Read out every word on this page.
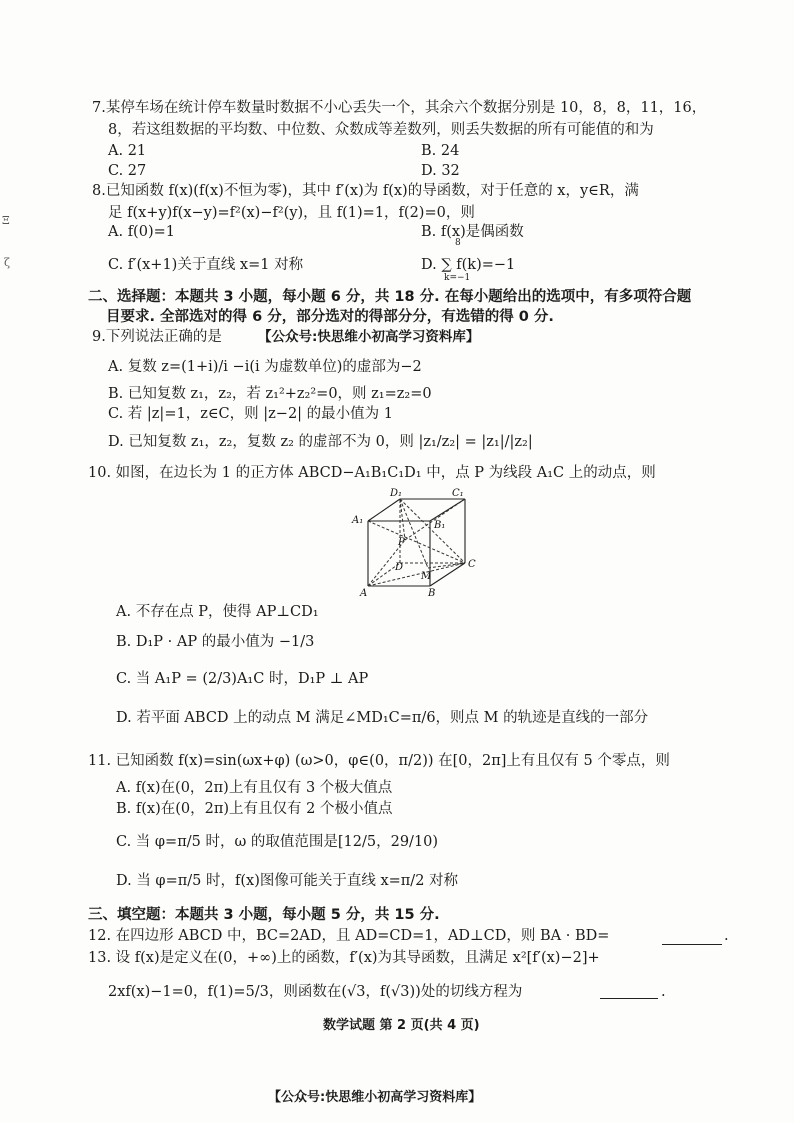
7.某停车场在统计停车数量时数据不小心丢失一个，其余六个数据分别是 10，8，8，11，16，
8，若这组数据的平均数、中位数、众数成等差数列，则丢失数据的所有可能值的和为
A. 21	B. 24
C. 27	D. 32
Ξ
ζ
8.已知函数 f(x)(f(x)不恒为零)，其中 f′(x)为 f(x)的导函数，对于任意的 x，y∈R，满
足 f(x+y)f(x−y)=f²(x)−f²(y)，且 f(1)=1，f(2)=0，则
A. f(0)=1	B. f(x)是偶函数
C. f′(x+1)关于直线 x=1 对称	D. ∑ f(k)=−1
8
k=−1
二、选择题：本题共 3 小题，每小题 6 分，共 18 分. 在每小题给出的选项中，有多项符合题
目要求. 全部选对的得 6 分，部分选对的得部分分，有选错的得 0 分.
9.下列说法正确的是	【公众号:快思维小初高学习资料库】
A. 复数 z=(1+i)/i −i(i 为虚数单位)的虚部为−2
B. 已知复数 z₁，z₂，若 z₁²+z₂²=0，则 z₁=z₂=0
C. 若 |z|=1，z∈C，则 |z−2| 的最小值为 1
D. 已知复数 z₁，z₂，复数 z₂ 的虚部不为 0，则 |z₁/z₂| = |z₁|/|z₂|
10. 如图，在边长为 1 的正方体 ABCD−A₁B₁C₁D₁ 中，点 P 为线段 A₁C 上的动点，则
D₁	C₁
A₁	B₁
P
D	C
M
A	B
A. 不存在点 P，使得 AP⊥CD₁
B. D₁P · AP 的最小值为 −1/3
C. 当 A₁P = (2/3)A₁C 时，D₁P ⊥ AP
D. 若平面 ABCD 上的动点 M 满足∠MD₁C=π/6，则点 M 的轨迹是直线的一部分
11. 已知函数 f(x)=sin(ωx+φ) (ω>0，φ∈(0，π/2)) 在[0，2π]上有且仅有 5 个零点，则
A. f(x)在(0，2π)上有且仅有 3 个极大值点
B. f(x)在(0，2π)上有且仅有 2 个极小值点
C. 当 φ=π/5 时，ω 的取值范围是[12/5，29/10)
D. 当 φ=π/5 时，f(x)图像可能关于直线 x=π/2 对称
三、填空题：本题共 3 小题，每小题 5 分，共 15 分.
12. 在四边形 ABCD 中，BC=2AD，且 AD=CD=1，AD⊥CD，则 BA · BD=	.
13. 设 f(x)是定义在(0，+∞)上的函数，f′(x)为其导函数，且满足 x²[f′(x)−2]+
2xf(x)−1=0，f(1)=5/3，则函数在(√3，f(√3))处的切线方程为	.
数学试题 第 2 页(共 4 页)
【公众号:快思维小初高学习资料库】
